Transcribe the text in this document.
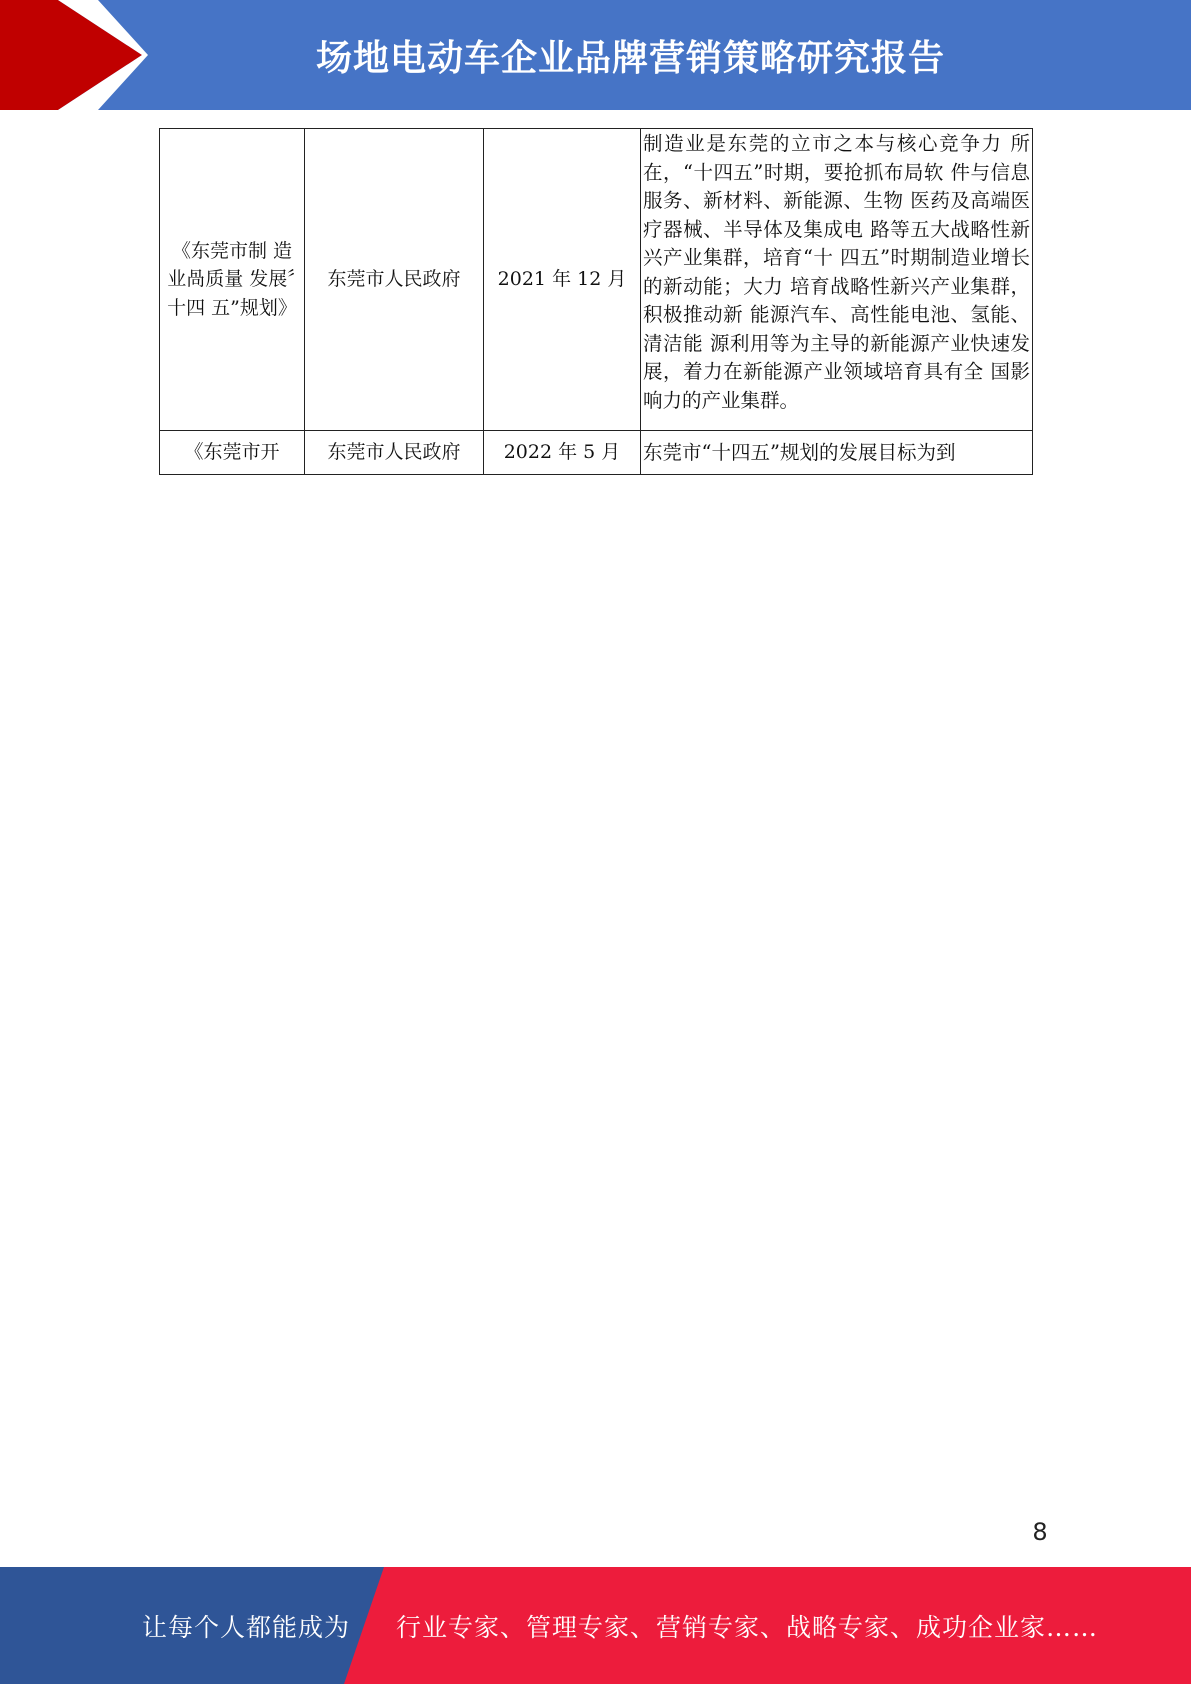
场地电动车企业品牌营销策略研究报告
《东莞市制 造业咼质量 发展〞十四 五”规划》	东莞市人民政府	2021 年 12 月	制造业是东莞的立市之本与核心竞争力 所在，“十四五”时期，要抢抓布局软 件与信息服务、新材料、新能源、生物 医药及高端医疗器械、半导体及集成电 路等五大战略性新兴产业集群，培育“十 四五”时期制造业增长的新动能；大力 培育战略性新兴产业集群，积极推动新 能源汽车、高性能电池、氢能、清洁能 源利用等为主导的新能源产业快速发 展，着力在新能源产业领域培育具有全 国影响力的产业集群。
《东莞市开	东莞市人民政府	2022 年 5 月	东莞市“十四五”规划的发展目标为到
8
让每个人都能成为 行业专家、管理专家、营销专家、战略专家、成功企业家……
